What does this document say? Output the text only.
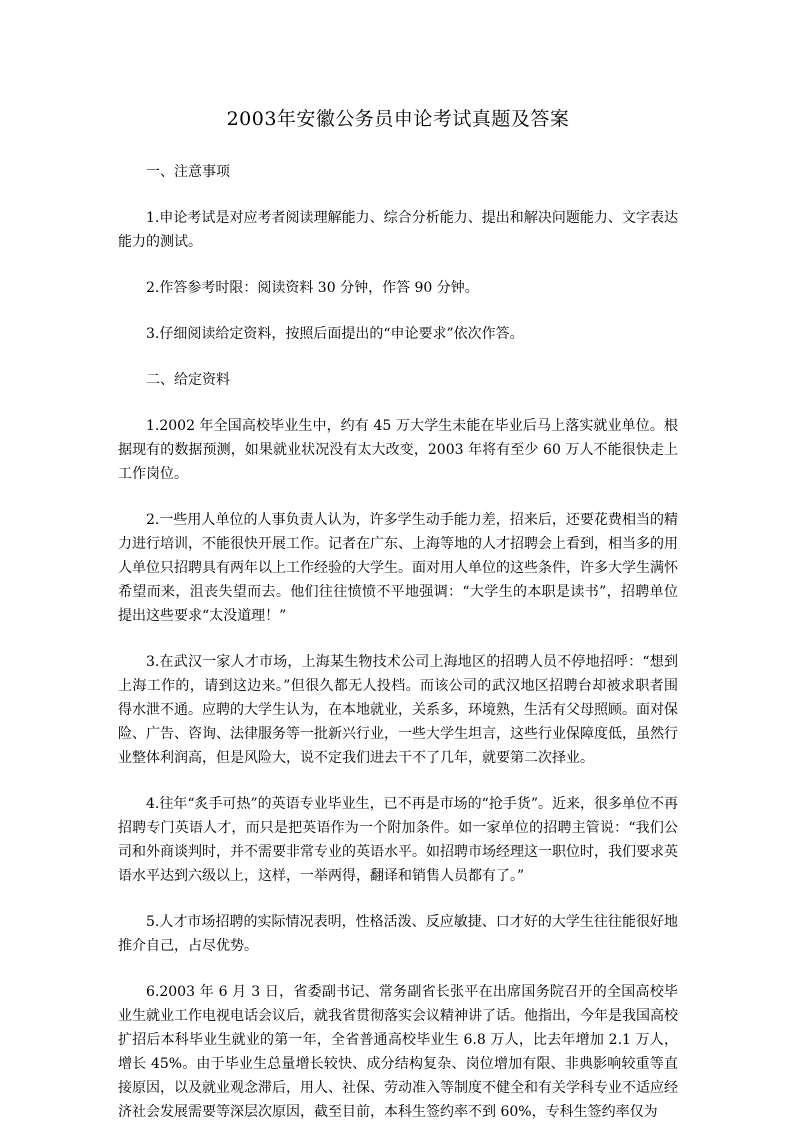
2003年安徽公务员申论考试真题及答案

一、注意事项

1.申论考试是对应考者阅读理解能力、综合分析能力、提出和解决问题能力、文字表达能力的测试。

2.作答参考时限：阅读资料 30 分钟，作答 90 分钟。

3.仔细阅读给定资料，按照后面提出的“申论要求”依次作答。

二、给定资料

1.2002 年全国高校毕业生中，约有 45 万大学生未能在毕业后马上落实就业单位。根据现有的数据预测，如果就业状况没有太大改变，2003 年将有至少 60 万人不能很快走上工作岗位。

2.一些用人单位的人事负责人认为，许多学生动手能力差，招来后，还要花费相当的精力进行培训，不能很快开展工作。记者在广东、上海等地的人才招聘会上看到，相当多的用人单位只招聘具有两年以上工作经验的大学生。面对用人单位的这些条件，许多大学生满怀希望而来，沮丧失望而去。他们往往愤愤不平地强调：“大学生的本职是读书”，招聘单位提出这些要求“太没道理！”

3.在武汉一家人才市场，上海某生物技术公司上海地区的招聘人员不停地招呼：“想到上海工作的，请到这边来。”但很久都无人投档。而该公司的武汉地区招聘台却被求职者围得水泄不通。应聘的大学生认为，在本地就业，关系多，环境熟，生活有父母照顾。面对保险、广告、咨询、法律服务等一批新兴行业，一些大学生坦言，这些行业保障度低，虽然行业整体利润高，但是风险大，说不定我们进去干不了几年，就要第二次择业。

4.往年“炙手可热”的英语专业毕业生，已不再是市场的“抢手货”。近来，很多单位不再招聘专门英语人才，而只是把英语作为一个附加条件。如一家单位的招聘主管说：“我们公司和外商谈判时，并不需要非常专业的英语水平。如招聘市场经理这一职位时，我们要求英语水平达到六级以上，这样，一举两得，翻译和销售人员都有了。”

5.人才市场招聘的实际情况表明，性格活泼、反应敏捷、口才好的大学生往往能很好地推介自己，占尽优势。

6.2003 年 6 月 3 日，省委副书记、常务副省长张平在出席国务院召开的全国高校毕业生就业工作电视电话会议后，就我省贯彻落实会议精神讲了话。他指出，今年是我国高校扩招后本科毕业生就业的第一年，全省普通高校毕业生 6.8 万人，比去年增加 2.1 万人，增长 45%。由于毕业生总量增长较快、成分结构复杂、岗位增加有限、非典影响较重等直接原因，以及就业观念滞后，用人、社保、劳动准入等制度不健全和有关学科专业不适应经济社会发展需要等深层次原因，截至目前，本科生签约率不到 60%，专科生签约率仅为
